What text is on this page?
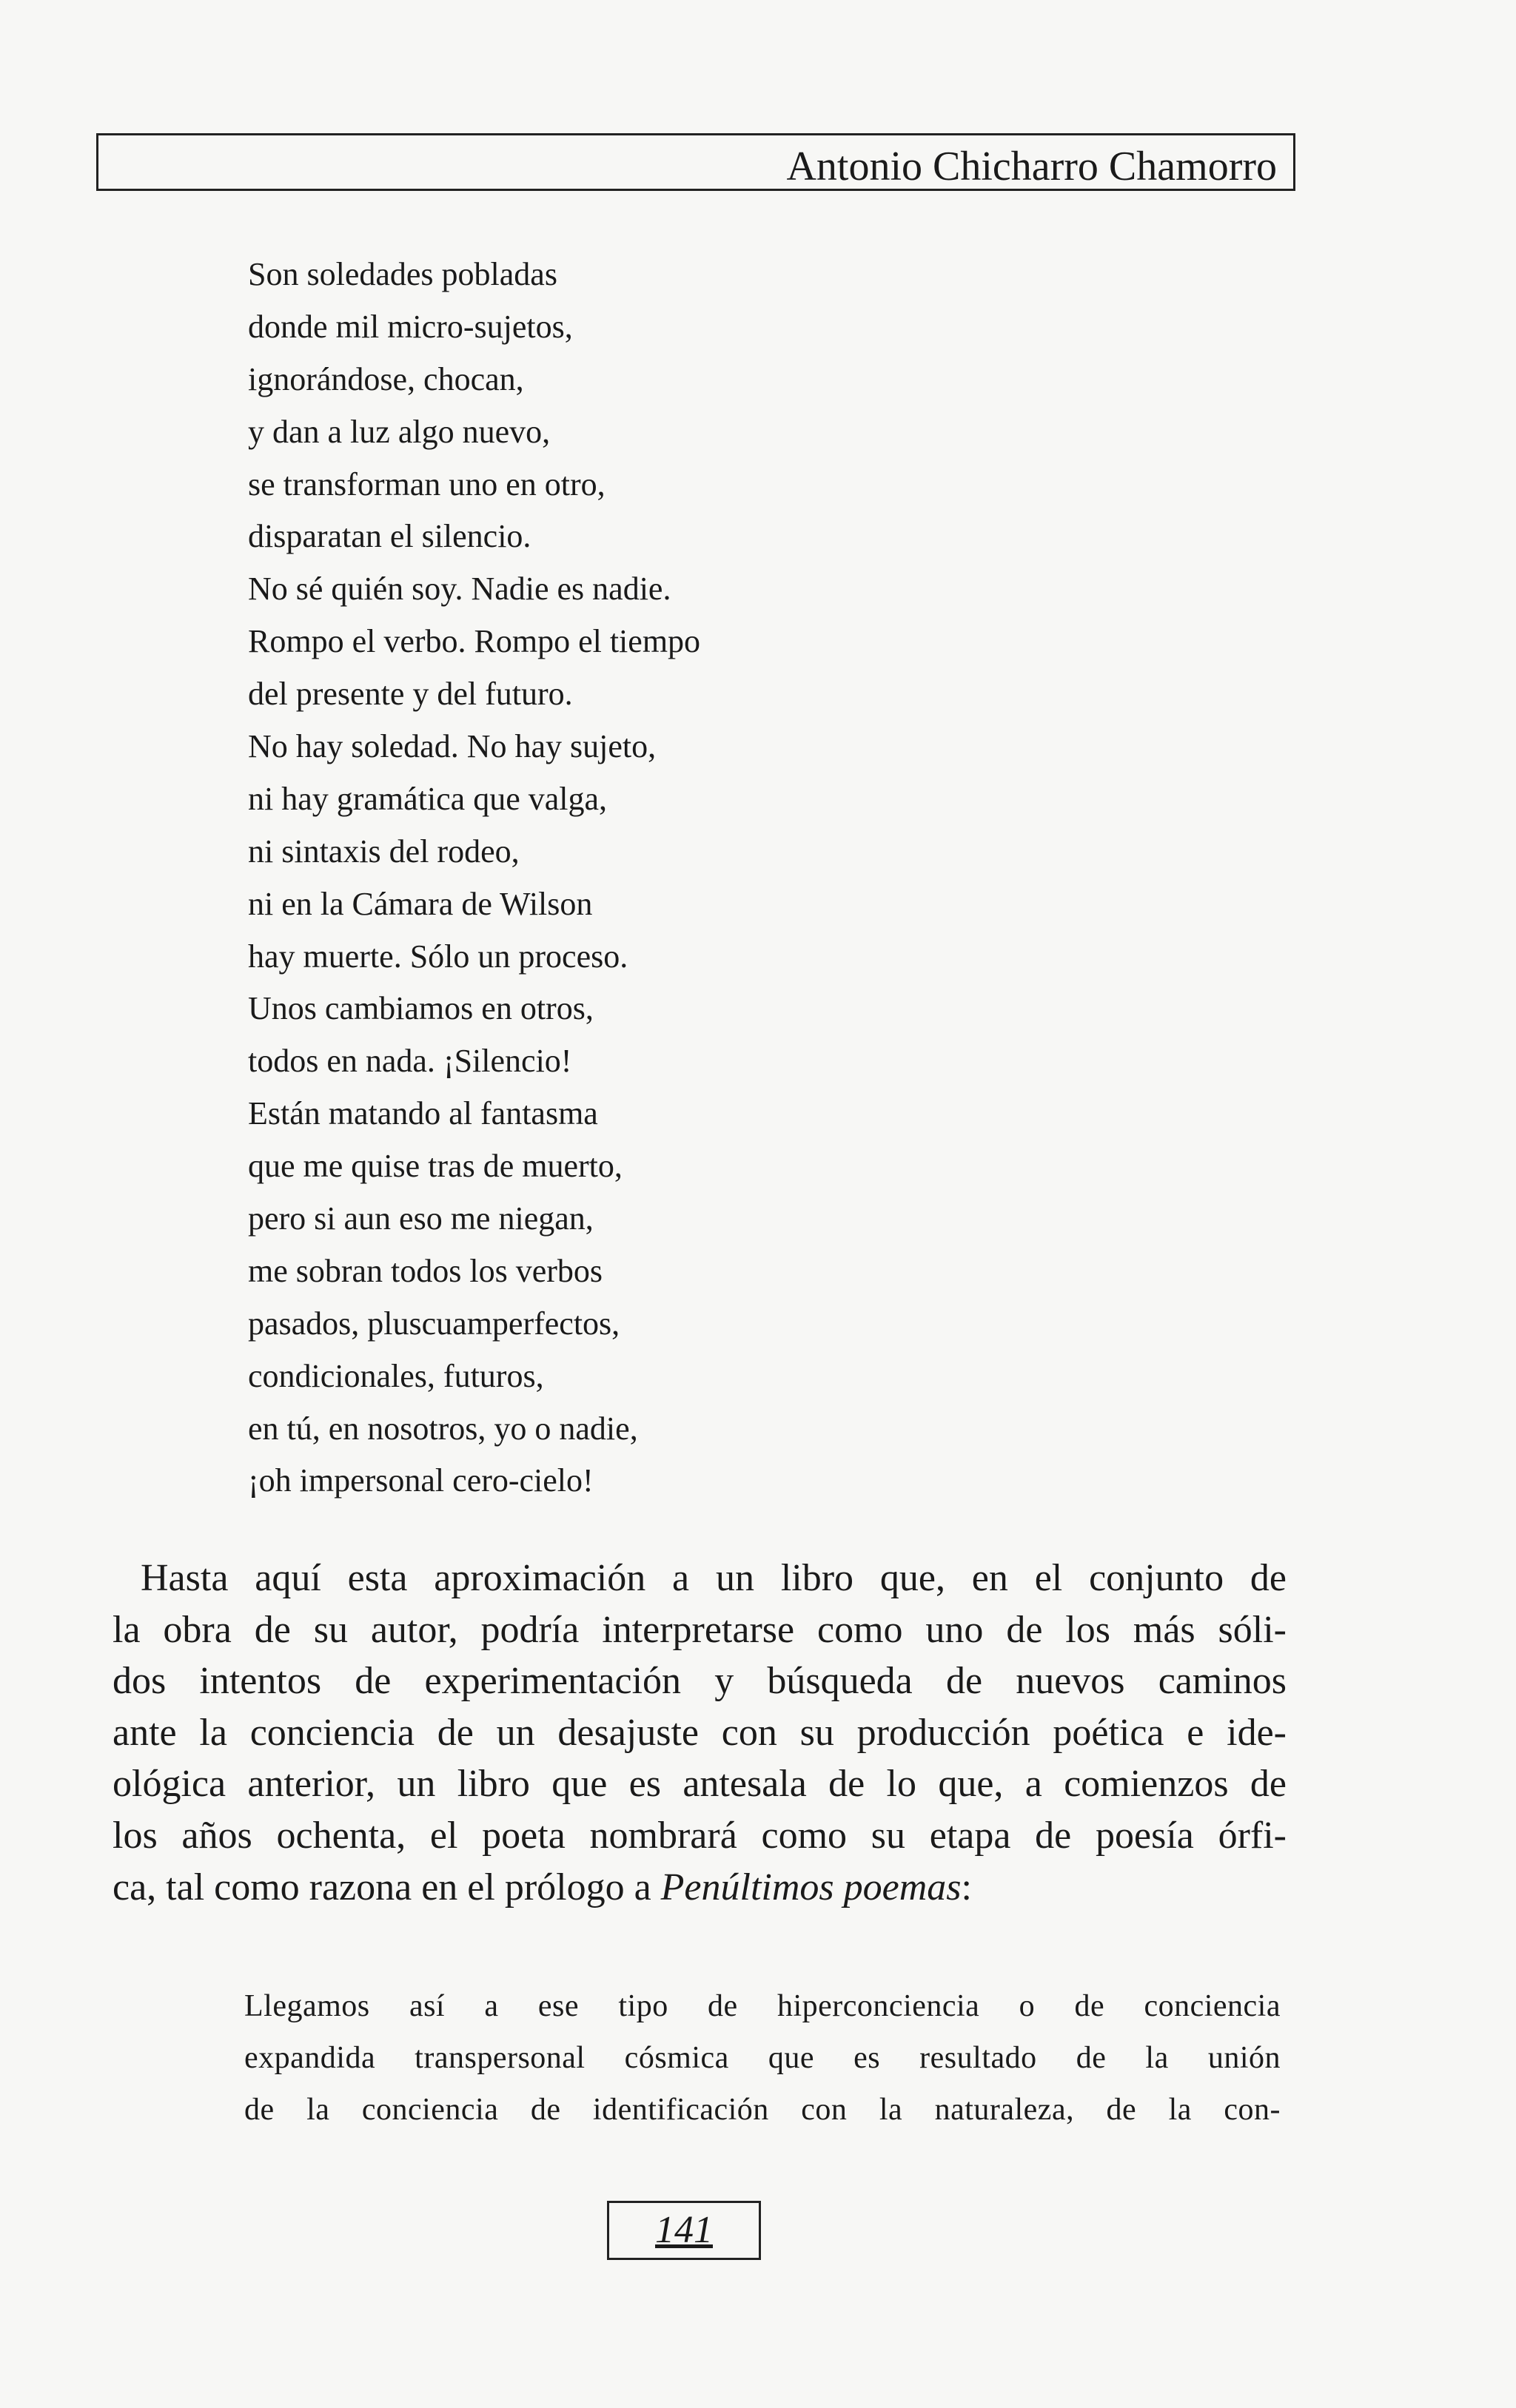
Antonio Chicharro Chamorro
Son soledades pobladas
donde mil micro-sujetos,
ignorándose, chocan,
y dan a luz algo nuevo,
se transforman uno en otro,
disparatan el silencio.
No sé quién soy. Nadie es nadie.
Rompo el verbo. Rompo el tiempo
del presente y del futuro.
No hay soledad. No hay sujeto,
ni hay gramática que valga,
ni sintaxis del rodeo,
ni en la Cámara de Wilson
hay muerte. Sólo un proceso.
Unos cambiamos en otros,
todos en nada. ¡Silencio!
Están matando al fantasma
que me quise tras de muerto,
pero si aun eso me niegan,
me sobran todos los verbos
pasados, pluscuamperfectos,
condicionales, futuros,
en tú, en nosotros, yo o nadie,
¡oh impersonal cero-cielo!

Hasta aquí esta aproximación a un libro que, en el conjunto de
la obra de su autor, podría interpretarse como uno de los más sóli-
dos intentos de experimentación y búsqueda de nuevos caminos
ante la conciencia de un desajuste con su producción poética e ide-
ológica anterior, un libro que es antesala de lo que, a comienzos de
los años ochenta, el poeta nombrará como su etapa de poesía órfi-
ca, tal como razona en el prólogo a Penúltimos poemas:

Llegamos así a ese tipo de hiperconciencia o de conciencia
expandida transpersonal cósmica que es resultado de la unión
de la conciencia de identificación con la naturaleza, de la con-

141
